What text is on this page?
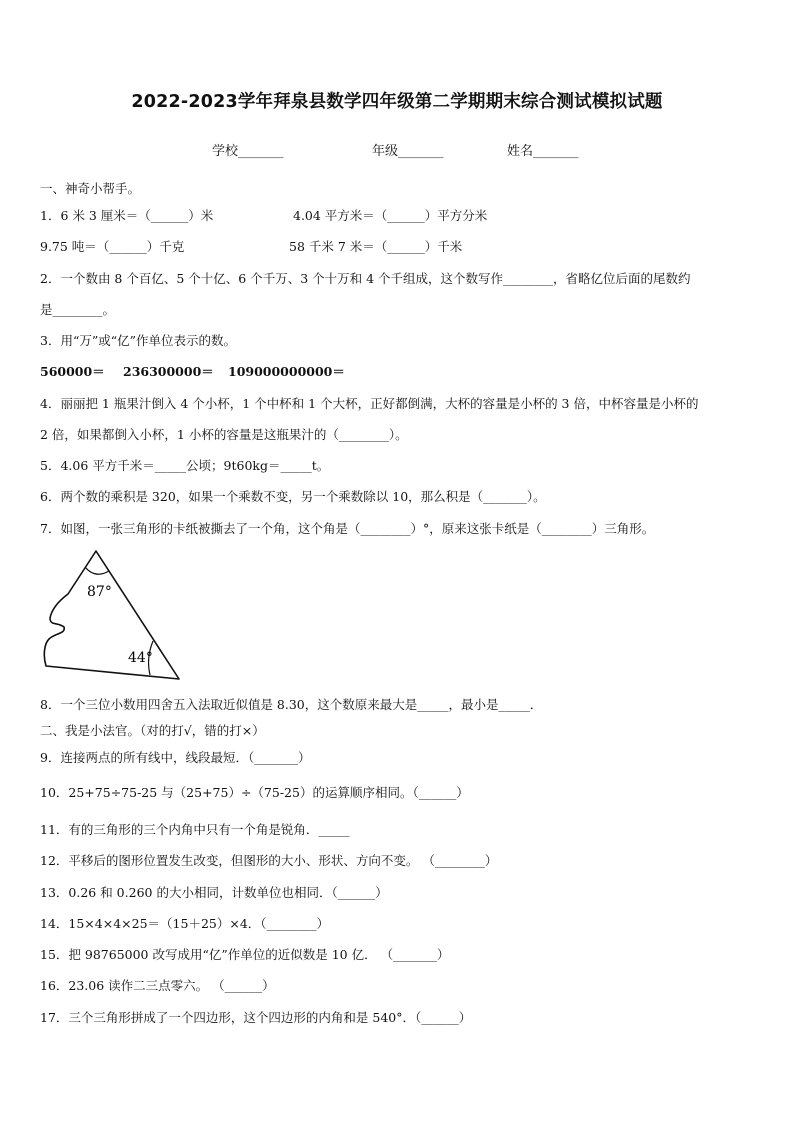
2022-2023学年拜泉县数学四年级第二学期期末综合测试模拟试题
学校_______	年级_______	姓名_______
一、神奇小帮手。
1．6 米 3 厘米＝（______）米	4.04 平方米＝（______）平方分米
9.75 吨＝（______）千克	58 千米 7 米＝（______）千米
2．一个数由 8 个百亿、5 个十亿、6 个千万、3 个十万和 4 个千组成，这个数写作________，省略亿位后面的尾数约
是________。
3．用“万”或“亿”作单位表示的数。
560000＝ 236300000＝ 109000000000＝
4．丽丽把 1 瓶果汁倒入 4 个小杯，1 个中杯和 1 个大杯，正好都倒满，大杯的容量是小杯的 3 倍，中杯容量是小杯的
2 倍，如果都倒入小杯，1 小杯的容量是这瓶果汁的（________）。
5．4.06 平方千米＝_____公顷；9t60kg＝_____t。
6．两个数的乘积是 320，如果一个乘数不变，另一个乘数除以 10，那么积是（_______）。
7．如图，一张三角形的卡纸被撕去了一个角，这个角是（________）°，原来这张卡纸是（________）三角形。
87°
44°
8．一个三位小数用四舍五入法取近似值是 8.30，这个数原来最大是_____，最小是_____．
二、我是小法官。（对的打√，错的打×）
9．连接两点的所有线中，线段最短．（_______）
10．25+75÷75-25 与（25+75）÷（75-25）的运算顺序相同。（______）
11．有的三角形的三个内角中只有一个角是锐角．_____
12．平移后的图形位置发生改变，但图形的大小、形状、方向不变。 （________）
13．0.26 和 0.260 的大小相同，计数单位也相同．（______）
14．15×4×4×25＝（15＋25）×4．（________）
15．把 98765000 改写成用“亿”作单位的近似数是 10 亿． （_______）
16．23.06 读作二三点零六。 （______）
17．三个三角形拼成了一个四边形，这个四边形的内角和是 540°．（______）
